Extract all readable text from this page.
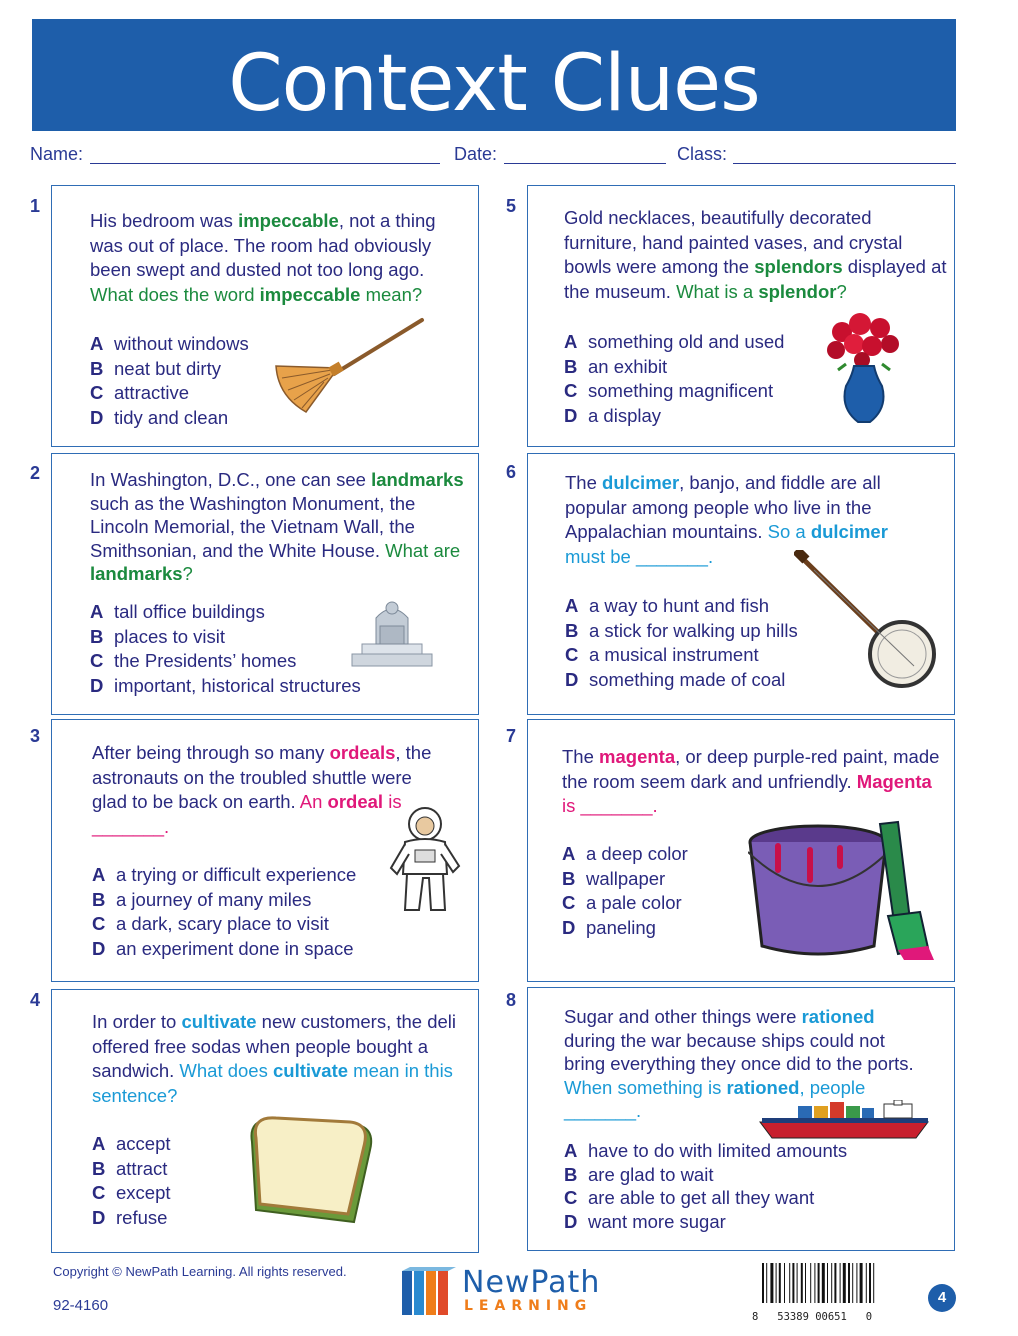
Context Clues
Name:	Date:	Class:
1
His bedroom was impeccable, not a thing was out of place. The room had obviously been swept and dusted not too long ago. What does the word impeccable mean?
A without windows
B neat but dirty
C attractive
D tidy and clean
2	In Washington, D.C., one can see landmarks such as the Washington Monument, the Lincoln Memorial, the Vietnam Wall, the Smithsonian, and the White House. What are landmarks?
A tall office buildings
B places to visit
C the Presidents’ homes
D important, historical structures
3
After being through so many ordeals, the astronauts on the troubled shuttle were glad to be back on earth. An ordeal is _______.
A a trying or difficult experience
B a journey of many miles
C a dark, scary place to visit
D an experiment done in space
4
In order to cultivate new customers, the deli offered free sodas when people bought a sandwich. What does cultivate mean in this sentence?
A accept
B attract
C except
D refuse
5
Gold necklaces, beautifully decorated furniture, hand painted vases, and crystal bowls were among the splendors displayed at the museum. What is a splendor?
A something old and used
B an exhibit
C something magnificent
D a display
6	The dulcimer, banjo, and fiddle are all popular among people who live in the Appalachian mountains. So a dulcimer must be _______.
A a way to hunt and fish
B a stick for walking up hills
C a musical instrument
D something made of coal
7
The magenta, or deep purple-red paint, made the room seem dark and unfriendly. Magenta is _______.
A a deep color
B wallpaper
C a pale color
D paneling
8
Sugar and other things were rationed during the war because ships could not bring everything they once did to the ports. When something is rationed, people _______.
A have to do with limited amounts
B are glad to wait
C are able to get all they want
D want more sugar
Copyright © NewPath Learning. All rights reserved.
92-4160
NewPath
LEARNING
8   53389 00651   0
4
